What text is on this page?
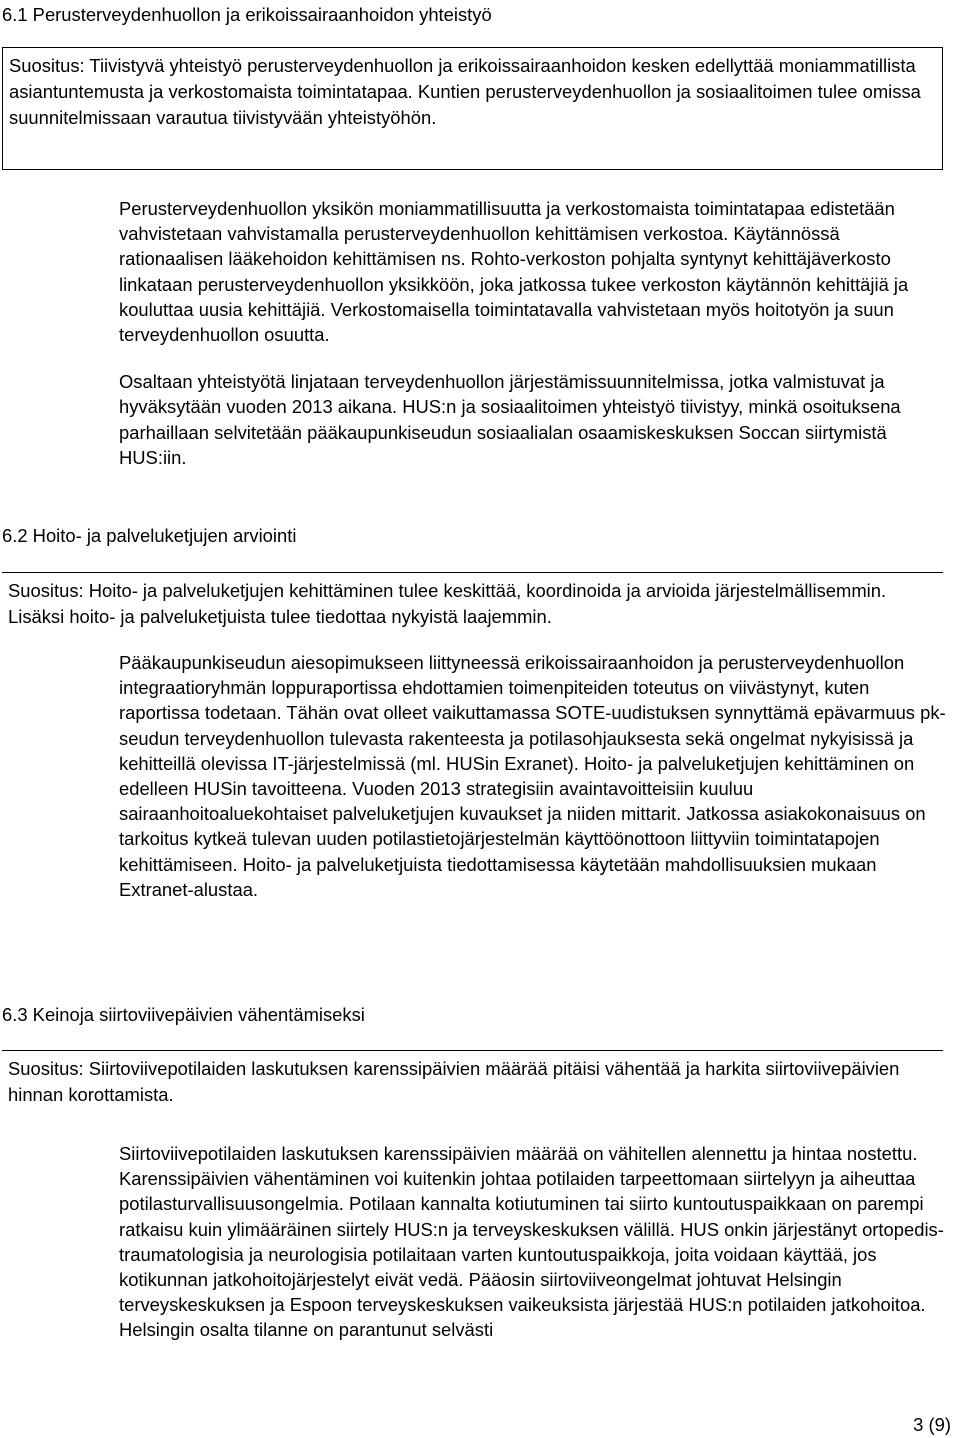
6.1 Perusterveydenhuollon ja erikoissairaanhoidon yhteistyö

Suositus: Tiivistyvä yhteistyö perusterveydenhuollon ja erikoissairaanhoidon kesken edellyttää moniammatillista asiantuntemusta ja verkostomaista toimintatapaa. Kuntien perusterveydenhuollon ja sosiaalitoimen tulee omissa suunnitelmissaan varautua tiivistyvään yhteistyöhön.

Perusterveydenhuollon yksikön moniammatillisuutta ja verkostomaista toimintatapaa edistetään vahvistetaan vahvistamalla perusterveydenhuollon kehittämisen verkostoa. Käytännössä rationaalisen lääkehoidon kehittämisen ns. Rohto-verkoston pohjalta syntynyt kehittäjäverkosto linkataan perusterveydenhuollon yksikköön, joka jatkossa tukee verkoston käytännön kehittäjiä ja kouluttaa uusia kehittäjiä. Verkostomaisella toimintatavalla vahvistetaan myös hoitotyön ja suun terveydenhuollon osuutta.

Osaltaan yhteistyötä linjataan terveydenhuollon järjestämissuunnitelmissa, jotka valmistuvat ja hyväksytään vuoden 2013 aikana. HUS:n ja sosiaalitoimen yhteistyö tiivistyy, minkä osoituksena parhaillaan selvitetään pääkaupunkiseudun sosiaalialan osaamiskeskuksen Soccan siirtymistä HUS:iin.

6.2 Hoito- ja palveluketjujen arviointi

Suositus: Hoito- ja palveluketjujen kehittäminen tulee keskittää, koordinoida ja arvioida järjestelmällisemmin. Lisäksi hoito- ja palveluketjuista tulee tiedottaa nykyistä laajemmin.

Pääkaupunkiseudun aiesopimukseen liittyneessä erikoissairaanhoidon ja perusterveydenhuollon integraatioryhmän loppuraportissa ehdottamien toimenpiteiden toteutus on viivästynyt, kuten raportissa todetaan. Tähän ovat olleet vaikuttamassa SOTE-uudistuksen synnyttämä epävarmuus pk-seudun terveydenhuollon tulevasta rakenteesta ja potilasohjauksesta sekä ongelmat nykyisissä ja kehitteillä olevissa IT-järjestelmissä (ml. HUSin Exranet). Hoito- ja palveluketjujen kehittäminen on edelleen HUSin tavoitteena. Vuoden 2013 strategisiin avaintavoitteisiin kuuluu sairaanhoitoaluekohtaiset palveluketjujen kuvaukset ja niiden mittarit. Jatkossa asiakokonaisuus on tarkoitus kytkeä tulevan uuden potilastietojärjestelmän käyttöönottoon liittyviin toimintatapojen kehittämiseen. Hoito- ja palveluketjuista tiedottamisessa käytetään mahdollisuuksien mukaan Extranet-alustaa.

6.3 Keinoja siirtoviivepäivien vähentämiseksi

Suositus: Siirtoviivepotilaiden laskutuksen karenssipäivien määrää pitäisi vähentää ja harkita siirtoviivepäivien hinnan korottamista.

Siirtoviivepotilaiden laskutuksen karenssipäivien määrää on vähitellen alennettu ja hintaa nostettu. Karenssipäivien vähentäminen voi kuitenkin johtaa potilaiden tarpeettomaan siirtelyyn ja aiheuttaa potilasturvallisuusongelmia. Potilaan kannalta kotiutuminen tai siirto kuntoutuspaikkaan on parempi ratkaisu kuin ylimääräinen siirtely HUS:n ja terveyskeskuksen välillä. HUS onkin järjestänyt ortopedis-traumatologisia ja neurologisia potilaitaan varten kuntoutuspaikkoja, joita voidaan käyttää, jos kotikunnan jatkohoitojärjestelyt eivät vedä. Pääosin siirtoviiveongelmat johtuvat Helsingin terveyskeskuksen ja Espoon terveyskeskuksen vaikeuksista järjestää HUS:n potilaiden jatkohoitoa. Helsingin osalta tilanne on parantunut selvästi

3 (9)
